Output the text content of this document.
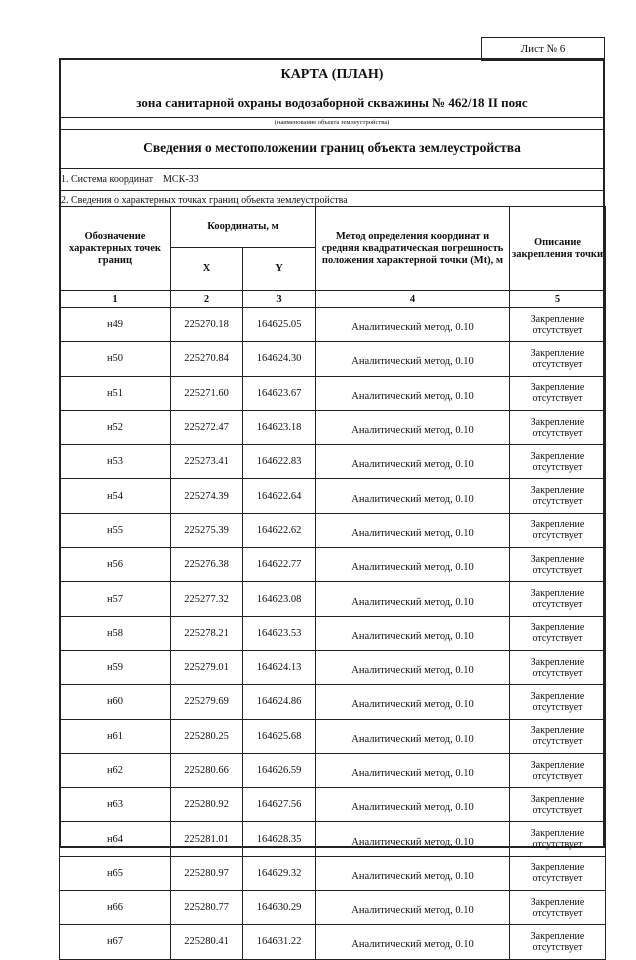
Лист № 6
КАРТА (ПЛАН)
зона санитарной охраны водозаборной скважины № 462/18 II пояс
(наименование объекта землеустройства)
Сведения о местоположении границ объекта землеустройства
1. Система координат МСК-33
2. Сведения о характерных точках границ объекта землеустройства
Обозначение характерных точек границ	Координаты, м		Метод определения координат и средняя квадратическая погрешность положения характерной точки (Mt), м	Описание закрепления точки
	X	Y		
1	2	3	4	5
н49	225270.18	164625.05	Аналитический метод, 0.10	Закрепление отсутствует
н50	225270.84	164624.30	Аналитический метод, 0.10	Закрепление отсутствует
н51	225271.60	164623.67	Аналитический метод, 0.10	Закрепление отсутствует
н52	225272.47	164623.18	Аналитический метод, 0.10	Закрепление отсутствует
н53	225273.41	164622.83	Аналитический метод, 0.10	Закрепление отсутствует
н54	225274.39	164622.64	Аналитический метод, 0.10	Закрепление отсутствует
н55	225275.39	164622.62	Аналитический метод, 0.10	Закрепление отсутствует
н56	225276.38	164622.77	Аналитический метод, 0.10	Закрепление отсутствует
н57	225277.32	164623.08	Аналитический метод, 0.10	Закрепление отсутствует
н58	225278.21	164623.53	Аналитический метод, 0.10	Закрепление отсутствует
н59	225279.01	164624.13	Аналитический метод, 0.10	Закрепление отсутствует
н60	225279.69	164624.86	Аналитический метод, 0.10	Закрепление отсутствует
н61	225280.25	164625.68	Аналитический метод, 0.10	Закрепление отсутствует
н62	225280.66	164626.59	Аналитический метод, 0.10	Закрепление отсутствует
н63	225280.92	164627.56	Аналитический метод, 0.10	Закрепление отсутствует
н64	225281.01	164628.35	Аналитический метод, 0.10	Закрепление отсутствует
н65	225280.97	164629.32	Аналитический метод, 0.10	Закрепление отсутствует
н66	225280.77	164630.29	Аналитический метод, 0.10	Закрепление отсутствует
н67	225280.41	164631.22	Аналитический метод, 0.10	Закрепление отсутствует
